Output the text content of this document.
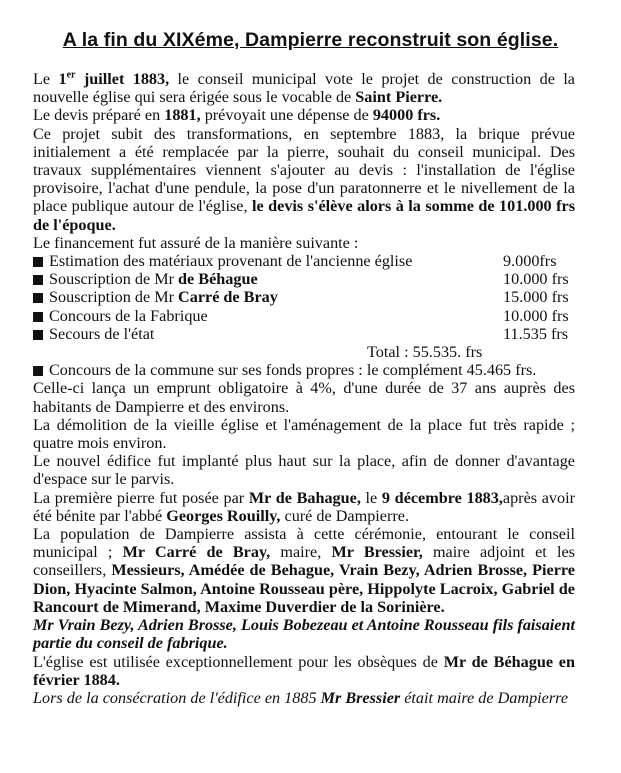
A la fin du XIXéme, Dampierre reconstruit son église.

Le 1er juillet 1883, le conseil municipal vote le projet de construction de la nouvelle église qui sera érigée sous le vocable de Saint Pierre.

Le devis préparé en 1881, prévoyait une dépense de 94000 frs.

Ce projet subit des transformations, en septembre 1883, la brique prévue initialement a été remplacée par la pierre, souhait du conseil municipal. Des travaux supplémentaires viennent s'ajouter au devis : l'installation de l'église provisoire, l'achat d'une pendule, la pose d'un paratonnerre et le nivellement de la place publique autour de l'église, le devis s'élève alors à la somme de 101.000 frs de l'époque.

Le financement fut assuré de la manière suivante :

Estimation des matériaux provenant de l'ancienne église	9.000frs
Souscription de Mr de Béhague	10.000 frs
Souscription de Mr Carré de Bray	15.000 frs
Concours de la Fabrique	10.000 frs
Secours de l'état	11.535 frs

Total : 55.535. frs

Concours de la commune sur ses fonds propres : le complément 45.465 frs.

Celle-ci lança un emprunt obligatoire à 4%, d'une durée de 37 ans auprès des habitants de Dampierre et des environs.

La démolition de la vieille église et l'aménagement de la place fut très rapide ; quatre mois environ.

Le nouvel édifice fut implanté plus haut sur la place, afin de donner d'avantage d'espace sur le parvis.

La première pierre fut posée par Mr de Bahague, le 9 décembre 1883,après avoir été bénite par l'abbé Georges Rouilly, curé de Dampierre.

La population de Dampierre assista à cette cérémonie, entourant le conseil municipal ; Mr Carré de Bray, maire, Mr Bressier, maire adjoint et les conseillers, Messieurs, Amédée de Behague, Vrain Bezy, Adrien Brosse, Pierre Dion, Hyacinte Salmon, Antoine Rousseau père, Hippolyte Lacroix, Gabriel de Rancourt de Mimerand, Maxime Duverdier de la Sorinière.

Mr Vrain Bezy, Adrien Brosse, Louis Bobezeau et Antoine Rousseau fils faisaient partie du conseil de fabrique.

L'église est utilisée exceptionnellement pour les obsèques de Mr de Béhague en février 1884.

Lors de la consécration de l'édifice en 1885 Mr Bressier était maire de Dampierre
